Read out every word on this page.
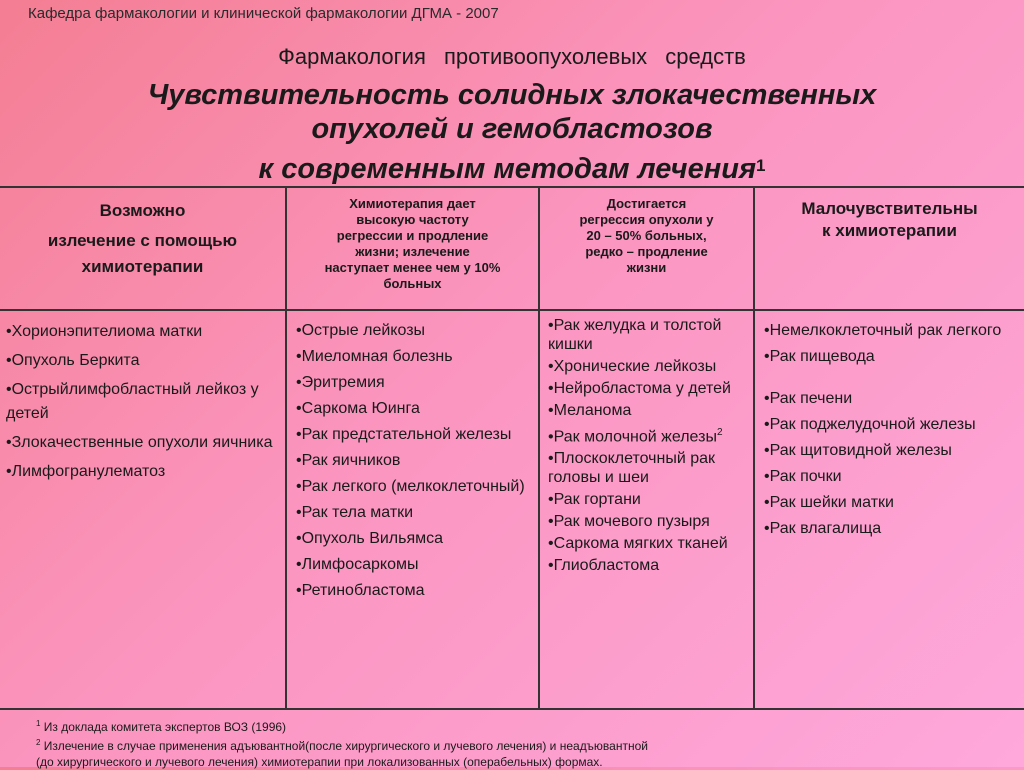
Кафедра фармакологии и клинической фармакологии ДГМА - 2007
Фармакология противоопухолевых средств
Чувствительность солидных злокачественных
опухолей и гемобластозов
к современным методам лечения$^1$
Возможно
излечение с помощью
химиотерапии
Химиотерапия дает
высокую частоту
регрессии и продление
жизни; излечение
наступает менее чем у 10%
больных
Достигается
регрессия опухоли у
20 – 50% больных,
редко – продление
жизни
Малочувствительны
к химиотерапии
•Хорионэпителиома матки
•Опухоль Беркита
•Острыйлимфобластный лейкоз у детей
•Злокачественные опухоли яичника
•Лимфогранулематоз
•Острые лейкозы
•Миеломная болезнь
•Эритремия
•Саркома Юинга
•Рак предстательной железы
•Рак яичников
•Рак легкого (мелкоклеточный)
•Рак тела матки
•Опухоль Вильямса
•Лимфосаркомы
•Ретинобластома
•Рак желудка и толстой кишки
•Хронические лейкозы
•Нейробластома у детей
•Меланома
•Рак молочной железы$^2$
•Плоскоклеточный рак головы и шеи
•Рак гортани
•Рак мочевого пузыря
•Саркома мягких тканей
•Глиобластома
•Немелкоклеточный рак легкого
•Рак пищевода
•Рак печени
•Рак поджелудочной железы
•Рак щитовидной железы
•Рак почки
•Рак шейки матки
•Рак влагалища
$^1$ Из доклада комитета экспертов ВОЗ (1996)
$^2$ Излечение в случае применения адъювантной(после хирургического и лучевого лечения) и неадъювантной
(до хирургического и лучевого лечения) химиотерапии при локализованных (операбельных) формах.
